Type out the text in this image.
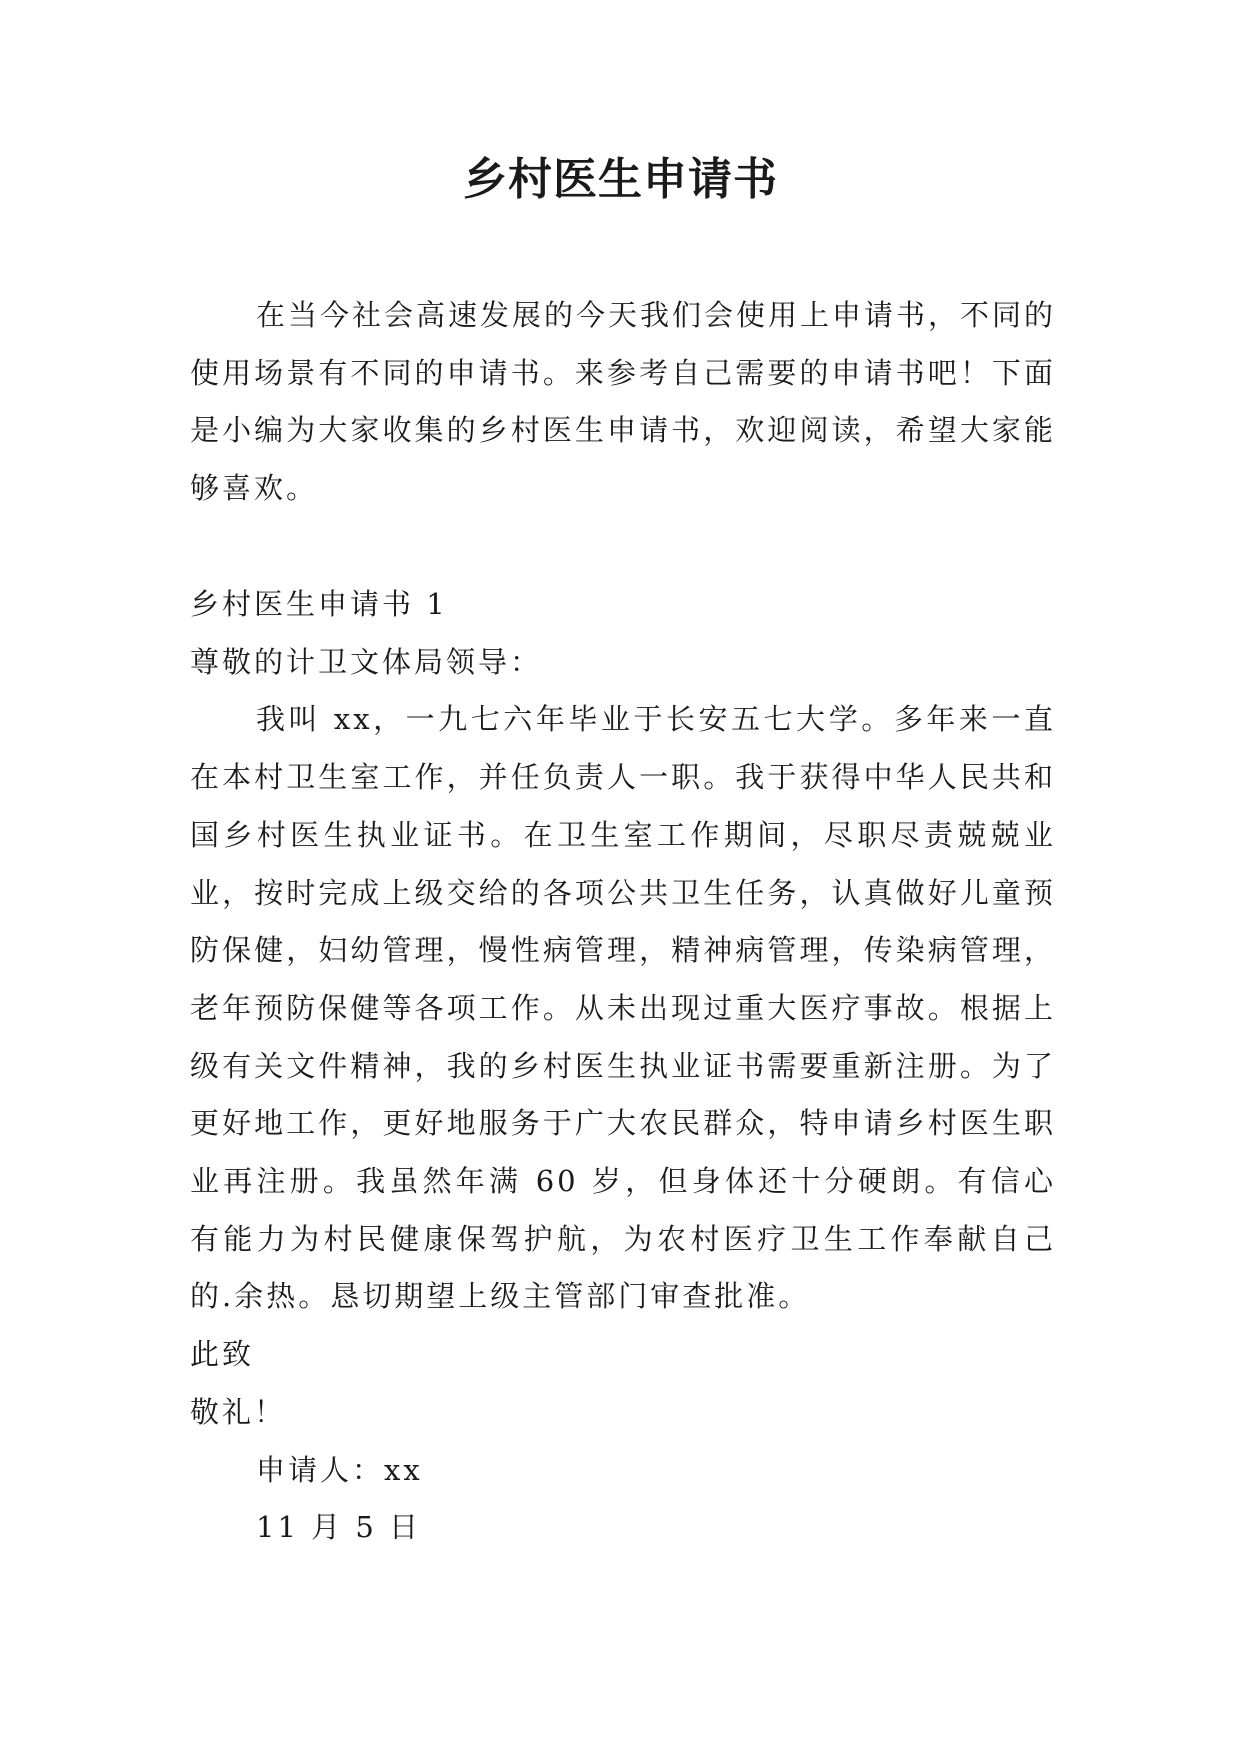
乡村医生申请书
在当今社会高速发展的今天我们会使用上申请书，不同的使用场景有不同的申请书。来参考自己需要的申请书吧！下面是小编为大家收集的乡村医生申请书，欢迎阅读，希望大家能够喜欢。
乡村医生申请书 1
尊敬的计卫文体局领导：
我叫 xx，一九七六年毕业于长安五七大学。多年来一直在本村卫生室工作，并任负责人一职。我于获得中华人民共和国乡村医生执业证书。在卫生室工作期间，尽职尽责兢兢业业，按时完成上级交给的各项公共卫生任务，认真做好儿童预防保健，妇幼管理，慢性病管理，精神病管理，传染病管理，老年预防保健等各项工作。从未出现过重大医疗事故。根据上级有关文件精神，我的乡村医生执业证书需要重新注册。为了更好地工作，更好地服务于广大农民群众，特申请乡村医生职业再注册。我虽然年满 60 岁，但身体还十分硬朗。有信心有能力为村民健康保驾护航，为农村医疗卫生工作奉献自己的.余热。恳切期望上级主管部门审查批准。
此致
敬礼！
申请人：xx
11 月 5 日
